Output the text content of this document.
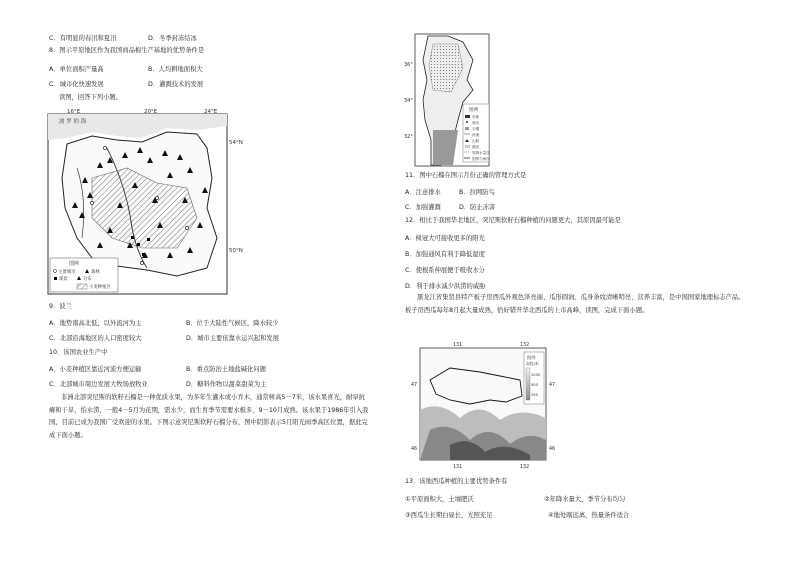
C．有明显的春汛和夏汛	D．冬季封冻结冰
8．图示平原地区作为我国商品棉生产基地的优势条件是
A．单位面积产量高	B．人均耕地面积大
C．城市化快速发展	D．灌溉技术的发展
读图，回答下列小题。
16°E	20°E	24°E
54°N
50°N
波 罗 的 海
图例
主要城市	森林
煤炭	分布
小麦种植区
9．波兰
A．地势南高北低，以外流河为主	B．位于大陆性气候区，降水较少
C．北部沿海地区的人口密度较大	D．城市主要依靠水运兴起和发展
10．该国农业生产中
A．小麦种植区靠近河流方便运输	B．重点防治土地盐碱化问题
C．北部城市周边发展大牧场放牧业	D．糖料作物以甜菜甜菜为主
非洲北部突尼斯的软籽石榴是一种优质水果，为多年生灌木或小乔木，通常树高5－7米，该水果喜光，耐旱抗瘠和干旱，怕水涝，一般4－5月为花期，需水少，而生育季节需要水极多，9－10月成熟。该水果于1986年引入我国，目前已成为我国广受欢迎的水果。下图示意突尼斯软籽石榴分布，图中阴影表示5月阳光雨季高区位置，据此完成下面小题。
36°
34°
32°
图例
首都
城市
石榴
河流
山脉
湖泊
等降水量线
国界与海岸
11．图中石榴在图示月份正确的管理方式是
A．注意排水	B．拉网防鸟
C．加强灌溉	D．防止冻害
12．相比于我国华北地区，突尼斯软籽石榴种植的问题更大，其原因最可能是
A．树冠大可接收更多的阳光
B．加强通风有利于降低湿度
C．使根系伸展便于吸收水分
D．利于排水减少洪涝的威胁
黑龙江省集贤县特产板子房西瓜外观色泽亮丽、瓜形圆润、瓜身条纹清晰明亮、营养丰富，是中国国家地理标志产品。板子房西瓜每年8月起大量成熟，恰好错开华北西瓜的上市高峰，读图，完成下面小题。
131	132
131	132
47
46
47
46
图例
高程/米
1000
500
250
13．该地西瓜种植的主要优势条件有
①平原面积大，土壤肥沃	②年降水量大，季节分布均匀
③西瓜生长期白昼长，光照充足	④地处喀远离，热量条件适合
